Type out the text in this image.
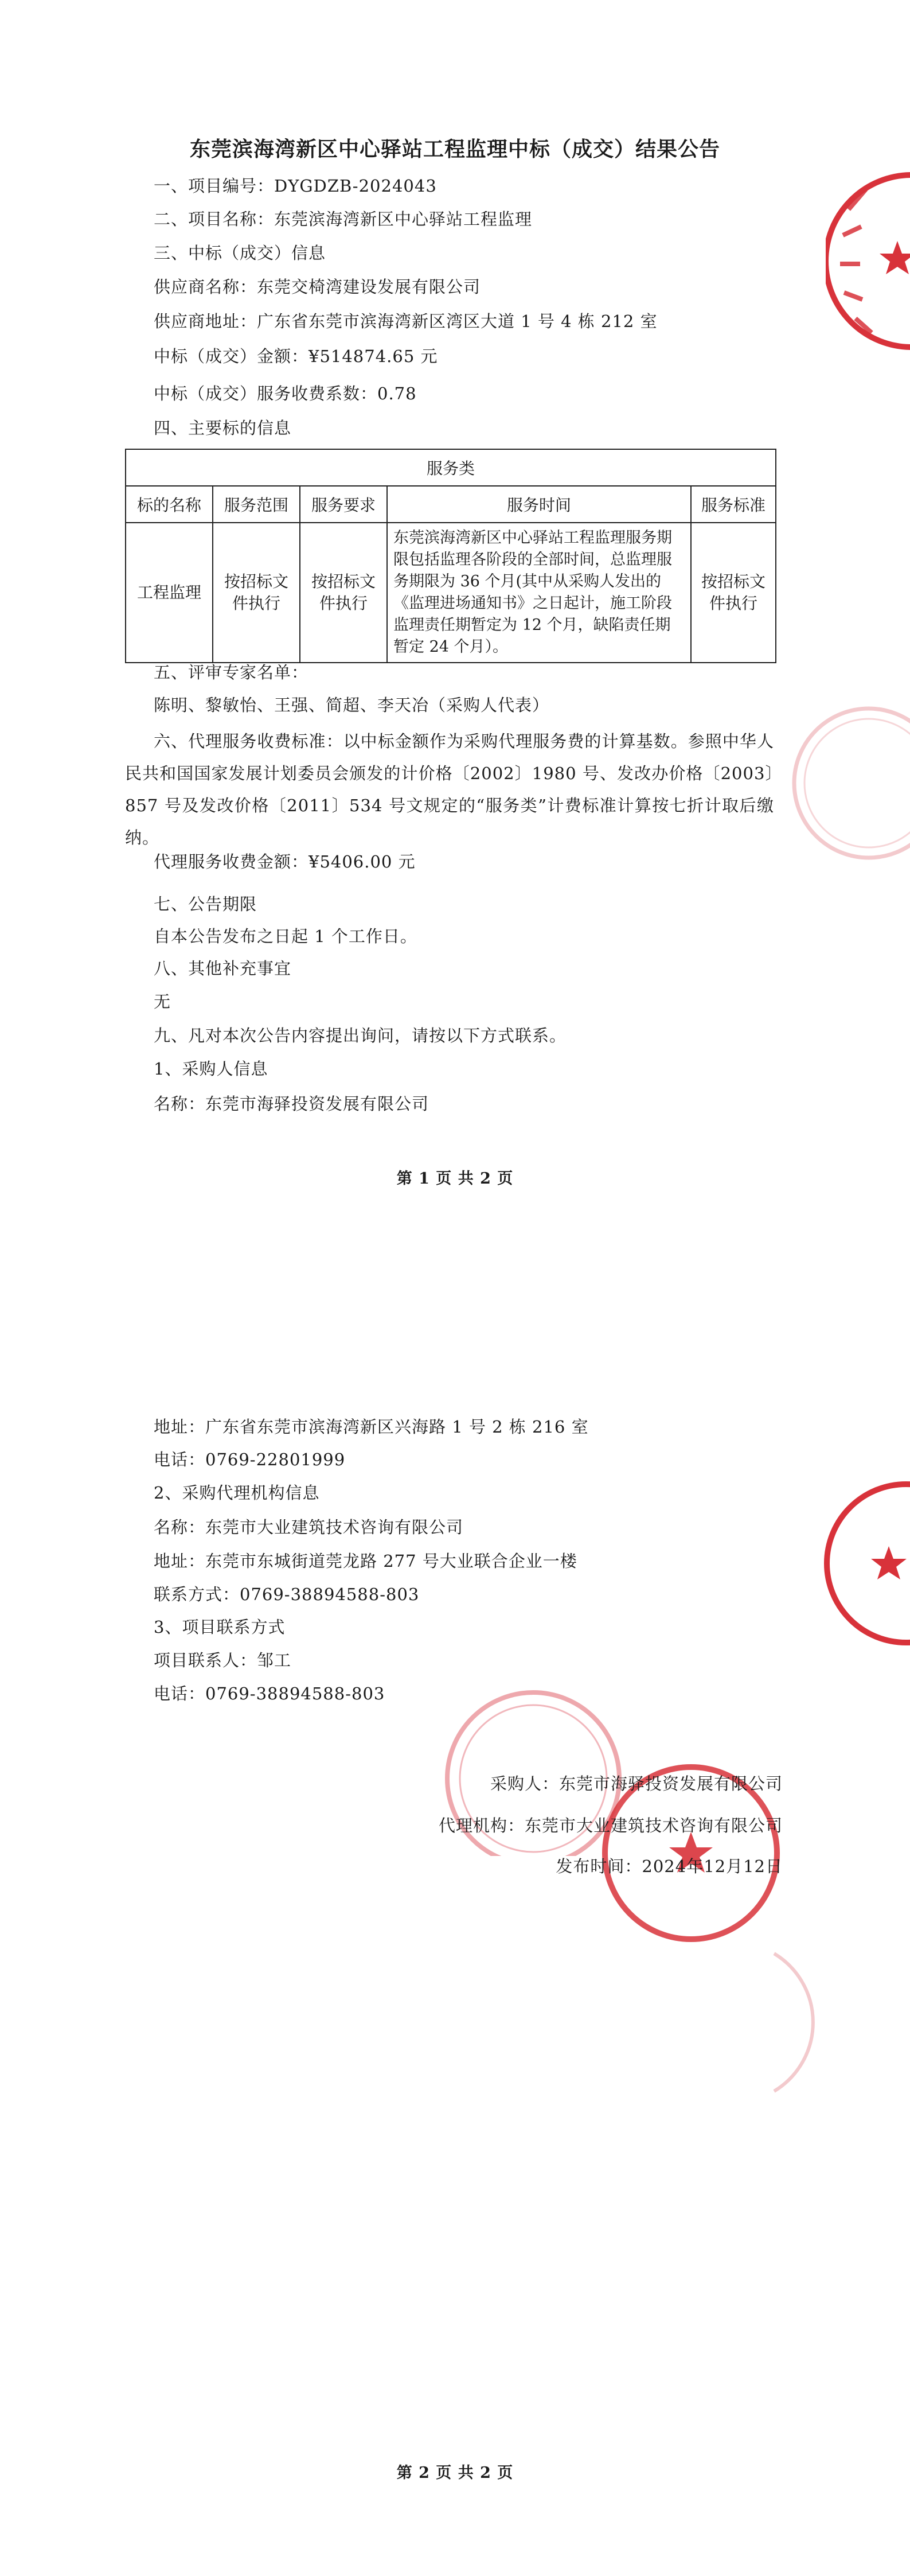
东莞滨海湾新区中心驿站工程监理中标（成交）结果公告
一、项目编号：DYGDZB-2024043
二、项目名称：东莞滨海湾新区中心驿站工程监理
三、中标（成交）信息
供应商名称：东莞交椅湾建设发展有限公司
供应商地址：广东省东莞市滨海湾新区湾区大道 1 号 4 栋 212 室
中标（成交）金额：¥514874.65 元
中标（成交）服务收费系数：0.78
四、主要标的信息
服务类				
标的名称	服务范围	服务要求	服务时间	服务标准
工程监理	按招标文件执行	按招标文件执行	东莞滨海湾新区中心驿站工程监理服务期限包括监理各阶段的全部时间，总监理服务期限为 36 个月(其中从采购人发出的《监理进场通知书》之日起计，施工阶段监理责任期暂定为 12 个月，缺陷责任期暂定 24 个月）。	按招标文件执行
五、评审专家名单：
陈明、黎敏怡、王强、简超、李天冶（采购人代表）
六、代理服务收费标准：以中标金额作为采购代理服务费的计算基数。参照中华人民共和国国家发展计划委员会颁发的计价格〔2002〕1980 号、发改办价格〔2003〕857 号及发改价格〔2011〕534 号文规定的“服务类”计费标准计算按七折计取后缴纳。
代理服务收费金额：¥5406.00 元
七、公告期限
自本公告发布之日起 1 个工作日。
八、其他补充事宜
无
九、凡对本次公告内容提出询问，请按以下方式联系。
1、采购人信息
名称：东莞市海驿投资发展有限公司
第 1 页 共 2 页
地址：广东省东莞市滨海湾新区兴海路 1 号 2 栋 216 室
电话：0769-22801999
2、采购代理机构信息
名称：东莞市大业建筑技术咨询有限公司
地址：东莞市东城街道莞龙路 277 号大业联合企业一楼
联系方式：0769-38894588-803
3、项目联系方式
项目联系人：邹工
电话：0769-38894588-803
采购人：东莞市海驿投资发展有限公司
代理机构：东莞市大业建筑技术咨询有限公司
发布时间：2024年12月12日
第 2 页 共 2 页
